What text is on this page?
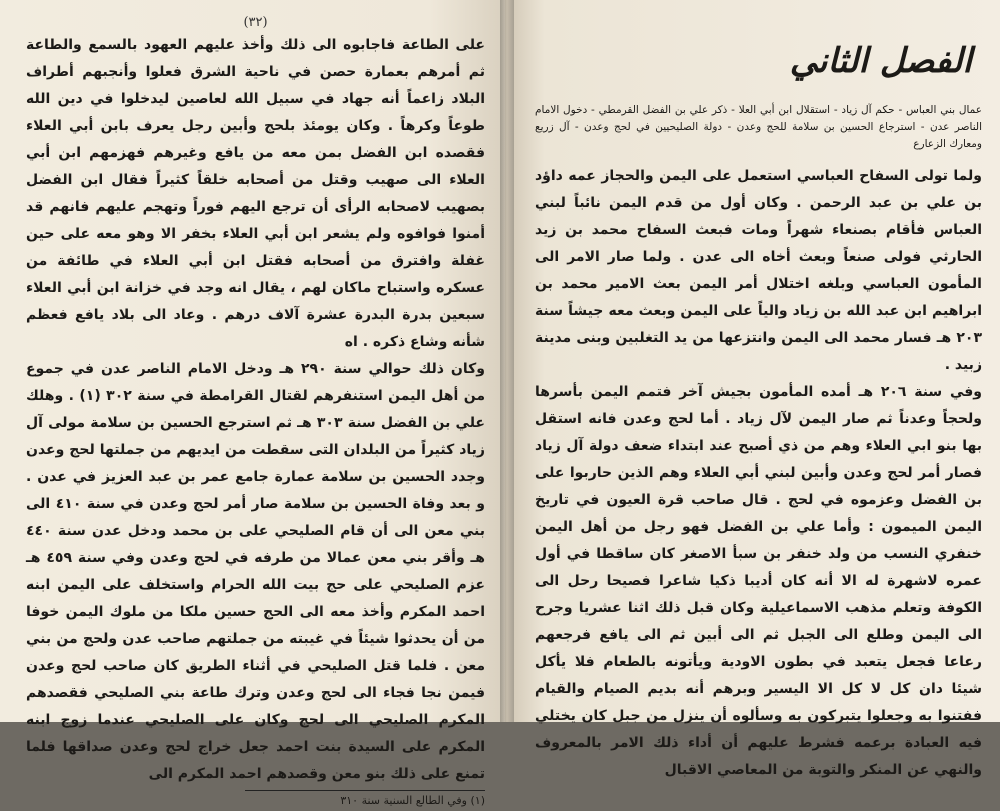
(٣٢)

على الطاعة فاجابوه الى ذلك وأخذ عليهم العهود بالسمع والطاعة ثم أمرهم بعمارة حصن في ناحية الشرق فعلوا وأنجبهم أطراف البلاد زاعماً أنه جهاد في سبيل الله لعاصين ليدخلوا في دين الله طوعاً وكرهاً . وكان يومئذ بلحج وأبين رجل يعرف بابن أبي العلاء فقصده ابن الفضل بمن معه من يافع وغيرهم فهزمهم ابن أبي العلاء الى صهيب وقتل من أصحابه خلقاً كثيراً فقال ابن الفضل بصهيب لاصحابه الرأى أن ترجع اليهم فوراً وتهجم عليهم فانهم قد أمنوا فوافوه ولم يشعر ابن أبي العلاء بخفر الا وهو معه على حين غفلة وافترق من أصحابه فقتل ابن أبي العلاء في طائفة من عسكره واستباح ماكان لهم ، يقال انه وجد في خزانة ابن أبي العلاء سبعين بدرة البدرة عشرة آلاف درهم . وعاد الى بلاد يافع فعظم شأنه وشاع ذكره . اه

وكان ذلك حوالي سنة ٢٩٠ هـ ودخل الامام الناصر عدن في جموع من أهل اليمن استنفرهم لقتال القرامطة في سنة ٣٠٢ (١) . وهلك علي بن الفضل سنة ٣٠٣ هـ ثم استرجع الحسين بن سلامة مولى آل زياد كثيراً من البلدان التى سقطت من ايديهم من جملتها لحج وعدن وجدد الحسين بن سلامة عمارة جامع عمر بن عبد العزيز في عدن . و بعد وفاة الحسين بن سلامة صار أمر لحج وعدن في سنة ٤١٠ الى بني معن الى أن قام الصليحي على بن محمد ودخل عدن سنة ٤٤٠ هـ وأقر بني معن عمالا من طرفه في لحج وعدن وفي سنة ٤٥٩ هـ عزم الصليحي على حج بيت الله الحرام واستخلف على اليمن ابنه احمد المكرم وأخذ معه الى الحج حسين ملكا من ملوك اليمن خوفا من أن يحدثوا شيئاً في غيبته من جملتهم صاحب عدن ولحج من بني معن . فلما قتل الصليحي في أثناء الطريق كان صاحب لحج وعدن فيمن نجا فجاء الى لحج وعدن وترك طاعة بني الصليحي فقصدهم المكرم الصليحي الى لحج وكان على الصليحي عندما زوج ابنه المكرم على السيدة بنت احمد جعل خراج لحج وعدن صداقها فلما تمنع على ذلك بنو معن وقصدهم احمد المكرم الى

(١) وفي الطالع السنية سنة ٣١٠
الفصل الثاني
عمال بني العباس - حكم آل زياد - استقلال ابن أبي العلا - ذكر علي بن الفضل القرمطي - دخول الامام الناصر عدن - استرجاع الحسين بن سلامة للحج وعدن - دولة الصليحيين في لحج وعدن - آل زريع ومعارك الزعارع

ولما تولى السفاح العباسي استعمل على اليمن والحجاز عمه داؤد بن علي بن عبد الرحمن . وكان أول من قدم اليمن نائباً لبني العباس فأقام بصنعاء شهراً ومات فبعث السفاح محمد بن زيد الحارثي فولى صنعاً وبعث أخاه الى عدن . ولما صار الامر الى المأمون العباسي وبلغه اختلال أمر اليمن بعث الامير محمد بن ابراهيم ابن عبد الله بن زياد والياً على اليمن وبعث معه جيشاً سنة ٢٠٣ هـ فسار محمد الى اليمن وانتزعها من يد التغلبين وبنى مدينة زبيد .

وفي سنة ٢٠٦ هـ أمده المأمون بجيش آخر فتمم اليمن بأسرها ولحجاً وعدناً ثم صار اليمن لآل زياد . أما لحج وعدن فانه استقل بها بنو ابي العلاء وهم من ذي أصبح عند ابتداء ضعف دولة آل زياد فصار أمر لحج وعدن وأبين لبني أبي العلاء وهم الذين حاربوا على بن الفضل وعزموه في لحج . قال صاحب قرة العيون في تاريخ اليمن الميمون : وأما علي بن الفضل فهو رجل من أهل اليمن خنفري النسب من ولد خنفر بن سبأ الاصغر كان ساقطا في أول عمره لاشهرة له الا أنه كان أديبا ذكيا شاعرا فصيحا رحل الى الكوفة وتعلم مذهب الاسماعيلية وكان قبل ذلك اثنا عشريا وجرح الى اليمن وطلع الى الجبل ثم الى أبين ثم الى يافع فرجعهم رعاعا فجعل يتعبد في بطون الاودية ويأتونه بالطعام فلا يأكل شيئا دان كل لا كل الا اليسير وبرهم أنه بديم الصيام والقيام ففتنوا به وجعلوا يتبركون به وسألوه أن ينزل من جبل كان يختلي فيه العبادة برعمه فشرط عليهم أن أداء ذلك الامر بالمعروف والنهي عن المنكر والتوبة من المعاصي الاقبال
